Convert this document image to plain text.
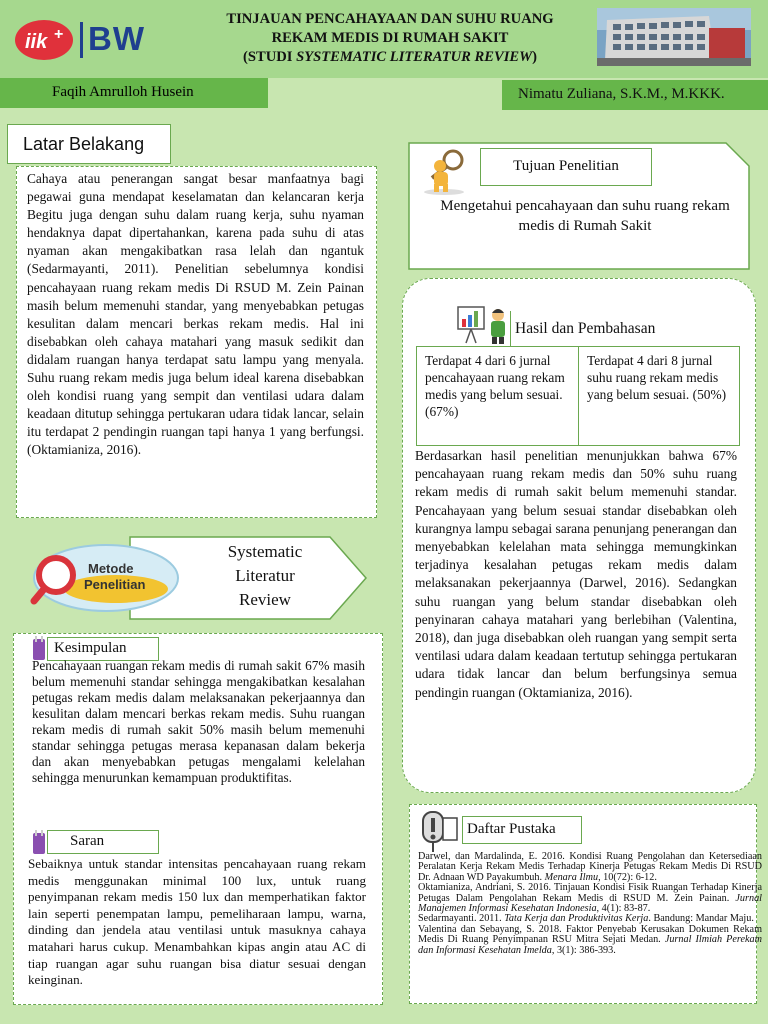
iik + BW
TINJAUAN PENCAHAYAAN DAN SUHU RUANG
REKAM MEDIS DI RUMAH SAKIT
(STUDI SYSTEMATIC LITERATUR REVIEW)
Faqih Amrulloh Husein	Nimatu Zuliana, S.K.M., M.KKK.
Latar Belakang
Cahaya atau penerangan sangat besar manfaatnya bagi pegawai guna mendapat keselamatan dan kelancaran kerja Begitu juga dengan suhu dalam ruang kerja, suhu nyaman hendaknya dapat dipertahankan, karena pada suhu di atas nyaman akan mengakibatkan rasa lelah dan ngantuk (Sedarmayanti, 2011). Penelitian sebelumnya kondisi pencahayaan ruang rekam medis Di RSUD M. Zein Painan masih belum memenuhi standar, yang menyebabkan petugas kesulitan dalam mencari berkas rekam medis. Hal ini disebabkan oleh cahaya matahari yang masuk sedikit dan didalam ruangan hanya terdapat satu lampu yang menyala. Suhu ruang rekam medis juga belum ideal karena disebabkan oleh kondisi ruang yang sempit dan ventilasi udara dalam keadaan ditutup sehingga pertukaran udara tidak lancar, selain itu terdapat 2 pendingin ruangan tapi hanya 1 yang berfungsi. (Oktamianiza, 2016).
Metode
Penelitian
Systematic
Literatur
Review
Kesimpulan
Pencahayaan ruangan rekam medis di rumah sakit 67% masih belum memenuhi standar sehingga mengakibatkan kesalahan petugas rekam medis dalam melaksanakan pekerjaannya dan kesulitan dalam mencari berkas rekam medis. Suhu ruangan rekam medis di rumah sakit 50% masih belum memenuhi standar sehingga petugas merasa kepanasan dalam bekerja dan akan menyebabkan petugas mengalami kelelahan sehingga menurunkan kemampuan produktifitas.
Saran
Sebaiknya untuk standar intensitas pencahayaan ruang rekam medis menggunakan minimal 100 lux, untuk ruang penyimpanan rekam medis 150 lux dan memperhatikan faktor lain seperti penempatan lampu, pemeliharaan lampu, warna, dinding dan jendela atau ventilasi untuk masuknya cahaya matahari harus cukup. Menambahkan kipas angin atau AC di tiap ruangan agar suhu ruangan bisa diatur sesuai dengan keinginan.
Tujuan Penelitian
Mengetahui pencahayaan dan suhu ruang rekam medis di Rumah Sakit
Hasil dan Pembahasan
Terdapat 4 dari 6 jurnal pencahayaan ruang rekam medis yang belum sesuai. (67%)
Terdapat 4 dari 8 jurnal suhu ruang rekam medis yang belum sesuai. (50%)
Berdasarkan hasil penelitian menunjukkan bahwa 67% pencahayaan ruang rekam medis dan 50% suhu ruang rekam medis di rumah sakit belum memenuhi standar. Pencahayaan yang belum sesuai standar disebabkan oleh kurangnya lampu sebagai sarana penunjang penerangan dan menyebabkan kelelahan mata sehingga memungkinkan terjadinya kesalahan petugas rekam medis dalam melaksanakan pekerjaannya (Darwel, 2016). Sedangkan suhu ruangan yang belum standar disebabkan oleh penyinaran cahaya matahari yang berlebihan (Valentina, 2018), dan juga disebabkan oleh ruangan yang sempit serta ventilasi udara dalam keadaan tertutup sehingga pertukaran udara tidak lancar dan belum berfungsinya semua pendingin ruangan (Oktamianiza, 2016).
Daftar Pustaka
Darwel, dan Mardalinda, E. 2016. Kondisi Ruang Pengolahan dan Ketersediaan Peralatan Kerja Rekam Medis Terhadap Kinerja Petugas Rekam Medis Di RSUD Dr. Adnaan WD Payakumbuh. Menara Ilmu, 10(72): 6-12.
Oktamianiza, Andriani, S. 2016. Tinjauan Kondisi Fisik Ruangan Terhadap Kinerja Petugas Dalam Pengolahan Rekam Medis di RSUD M. Zein Painan. Jurnal Manajemen Informasi Kesehatan Indonesia, 4(1): 83-87.
Sedarmayanti. 2011. Tata Kerja dan Produktivitas Kerja. Bandung: Mandar Maju.
Valentina dan Sebayang, S. 2018. Faktor Penyebab Kerusakan Dokumen Rekam Medis Di Ruang Penyimpanan RSU Mitra Sejati Medan. Jurnal Ilmiah Perekam dan Informasi Kesehatan Imelda, 3(1): 386-393.
